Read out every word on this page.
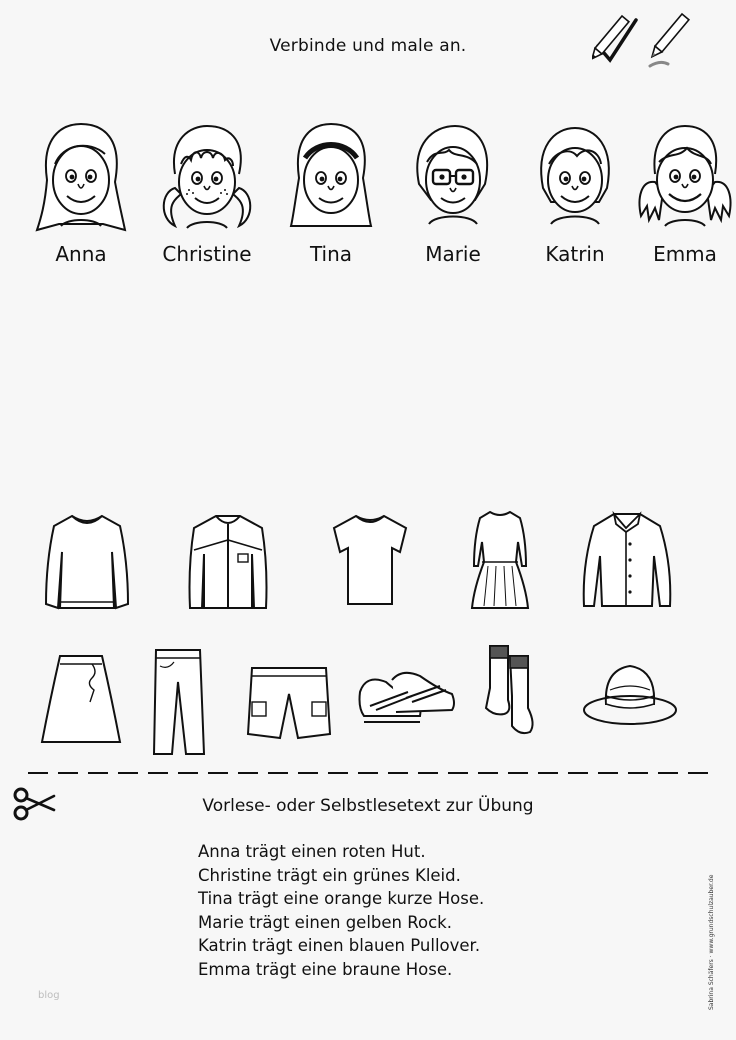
Verbinde und male an.
Anna	Christine	Tina	Marie	Katrin	Emma
Vorlese- oder Selbstlesetext zur Übung
Anna trägt einen roten Hut.
Christine trägt ein grünes Kleid.
Tina trägt eine orange kurze Hose.
Marie trägt einen gelben Rock.
Katrin trägt einen blauen Pullover.
Emma trägt eine braune Hose.	Sabrina Schäfers · www.grundschulzauber.de
blog
